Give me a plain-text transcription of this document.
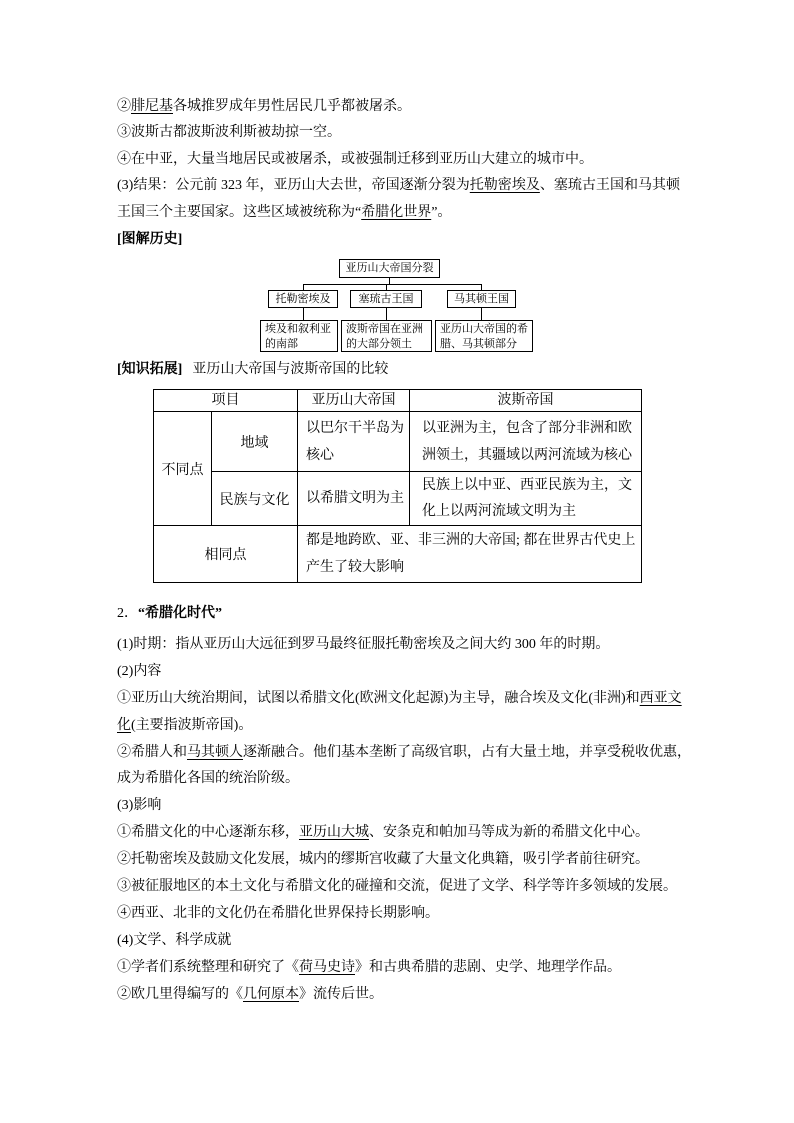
②腓尼基各城推罗成年男性居民几乎都被屠杀。
③波斯古都波斯波利斯被劫掠一空。
④在中亚，大量当地居民或被屠杀，或被强制迁移到亚历山大建立的城市中。
(3)结果：公元前 323 年，亚历山大去世，帝国逐渐分裂为托勒密埃及、塞琉古王国和马其顿
王国三个主要国家。这些区域被统称为“希腊化世界”。
[图解历史]
亚历山大帝国分裂
托勒密埃及	塞琉古王国	马其顿王国
埃及和叙利亚
的南部
波斯帝国在亚洲
的大部分领土
亚历山大帝国的希
腊、马其顿部分
[知识拓展] 亚历山大帝国与波斯帝国的比较
项目		亚历山大帝国	波斯帝国
不同点	地域	以巴尔干半岛为
核心	以亚洲为主，包含了部分非洲和欧
洲领土，其疆域以两河流域为核心

	民族与文化	以希腊文明为主	民族上以中亚、西亚民族为主，文
化上以两河流域文明为主

相同点		都是地跨欧、亚、非三洲的大帝国; 都在世界古代史上
产生了较大影响	
2．“希腊化时代”
(1)时期：指从亚历山大远征到罗马最终征服托勒密埃及之间大约 300 年的时期。
(2)内容
①亚历山大统治期间，试图以希腊文化(欧洲文化起源)为主导，融合埃及文化(非洲)和西亚文
化(主要指波斯帝国)。
②希腊人和马其顿人逐渐融合。他们基本垄断了高级官职，占有大量土地，并享受税收优惠，
成为希腊化各国的统治阶级。
(3)影响
①希腊文化的中心逐渐东移，亚历山大城、安条克和帕加马等成为新的希腊文化中心。
②托勒密埃及鼓励文化发展，城内的缪斯宫收藏了大量文化典籍，吸引学者前往研究。
③被征服地区的本土文化与希腊文化的碰撞和交流，促进了文学、科学等许多领域的发展。
④西亚、北非的文化仍在希腊化世界保持长期影响。
(4)文学、科学成就
①学者们系统整理和研究了《荷马史诗》和古典希腊的悲剧、史学、地理学作品。
②欧几里得编写的《几何原本》流传后世。
